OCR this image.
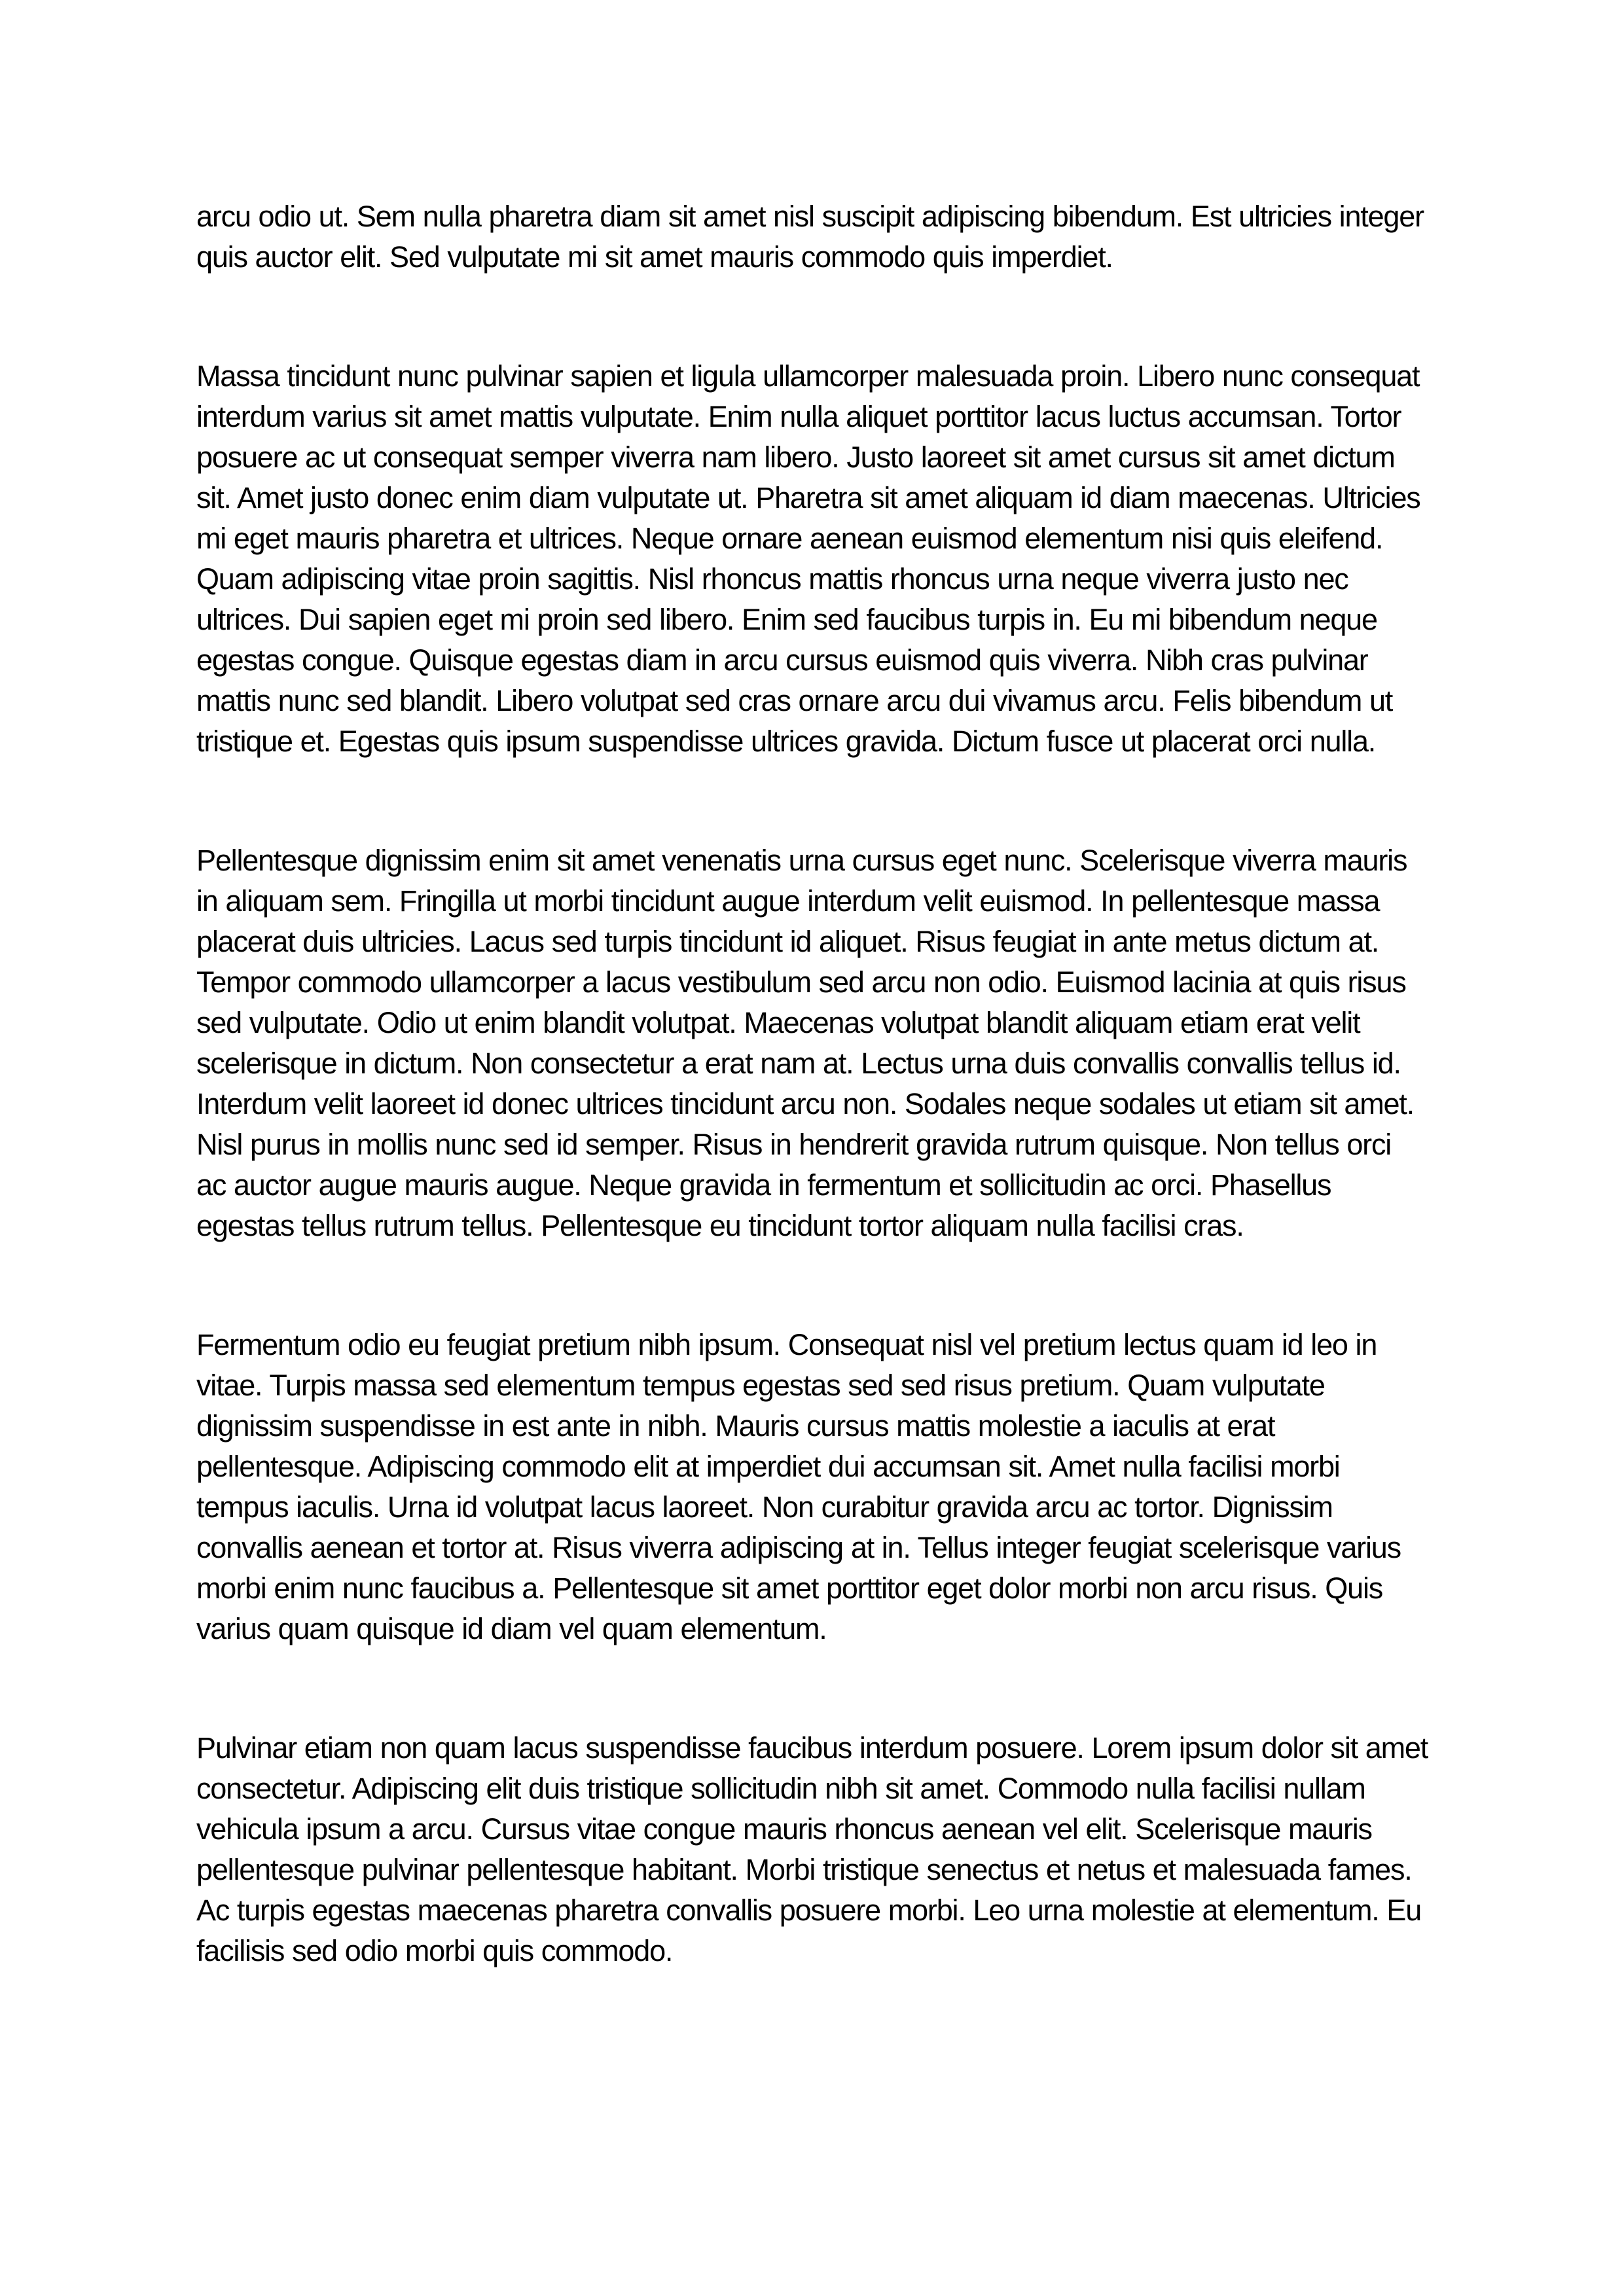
arcu odio ut. Sem nulla pharetra diam sit amet nisl suscipit adipiscing bibendum. Est ultricies integer quis auctor elit. Sed vulputate mi sit amet mauris commodo quis imperdiet.

Massa tincidunt nunc pulvinar sapien et ligula ullamcorper malesuada proin. Libero nunc consequat interdum varius sit amet mattis vulputate. Enim nulla aliquet porttitor lacus luctus accumsan. Tortor posuere ac ut consequat semper viverra nam libero. Justo laoreet sit amet cursus sit amet dictum sit. Amet justo donec enim diam vulputate ut. Pharetra sit amet aliquam id diam maecenas. Ultricies mi eget mauris pharetra et ultrices. Neque ornare aenean euismod elementum nisi quis eleifend. Quam adipiscing vitae proin sagittis. Nisl rhoncus mattis rhoncus urna neque viverra justo nec ultrices. Dui sapien eget mi proin sed libero. Enim sed faucibus turpis in. Eu mi bibendum neque egestas congue. Quisque egestas diam in arcu cursus euismod quis viverra. Nibh cras pulvinar mattis nunc sed blandit. Libero volutpat sed cras ornare arcu dui vivamus arcu. Felis bibendum ut tristique et. Egestas quis ipsum suspendisse ultrices gravida. Dictum fusce ut placerat orci nulla.

Pellentesque dignissim enim sit amet venenatis urna cursus eget nunc. Scelerisque viverra mauris in aliquam sem. Fringilla ut morbi tincidunt augue interdum velit euismod. In pellentesque massa placerat duis ultricies. Lacus sed turpis tincidunt id aliquet. Risus feugiat in ante metus dictum at. Tempor commodo ullamcorper a lacus vestibulum sed arcu non odio. Euismod lacinia at quis risus sed vulputate. Odio ut enim blandit volutpat. Maecenas volutpat blandit aliquam etiam erat velit scelerisque in dictum. Non consectetur a erat nam at. Lectus urna duis convallis convallis tellus id. Interdum velit laoreet id donec ultrices tincidunt arcu non. Sodales neque sodales ut etiam sit amet. Nisl purus in mollis nunc sed id semper. Risus in hendrerit gravida rutrum quisque. Non tellus orci ac auctor augue mauris augue. Neque gravida in fermentum et sollicitudin ac orci. Phasellus egestas tellus rutrum tellus. Pellentesque eu tincidunt tortor aliquam nulla facilisi cras.

Fermentum odio eu feugiat pretium nibh ipsum. Consequat nisl vel pretium lectus quam id leo in vitae. Turpis massa sed elementum tempus egestas sed sed risus pretium. Quam vulputate dignissim suspendisse in est ante in nibh. Mauris cursus mattis molestie a iaculis at erat pellentesque. Adipiscing commodo elit at imperdiet dui accumsan sit. Amet nulla facilisi morbi tempus iaculis. Urna id volutpat lacus laoreet. Non curabitur gravida arcu ac tortor. Dignissim convallis aenean et tortor at. Risus viverra adipiscing at in. Tellus integer feugiat scelerisque varius morbi enim nunc faucibus a. Pellentesque sit amet porttitor eget dolor morbi non arcu risus. Quis varius quam quisque id diam vel quam elementum.

Pulvinar etiam non quam lacus suspendisse faucibus interdum posuere. Lorem ipsum dolor sit amet consectetur. Adipiscing elit duis tristique sollicitudin nibh sit amet. Commodo nulla facilisi nullam vehicula ipsum a arcu. Cursus vitae congue mauris rhoncus aenean vel elit. Scelerisque mauris pellentesque pulvinar pellentesque habitant. Morbi tristique senectus et netus et malesuada fames. Ac turpis egestas maecenas pharetra convallis posuere morbi. Leo urna molestie at elementum. Eu facilisis sed odio morbi quis commodo.
